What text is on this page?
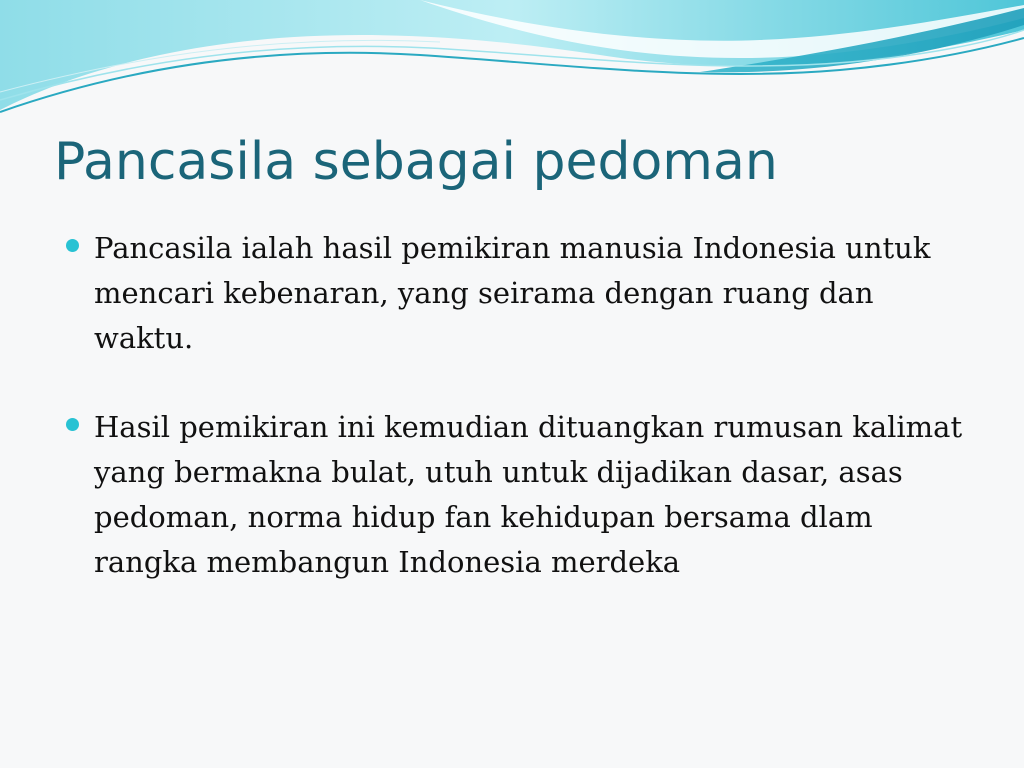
Pancasila sebagai pedoman
Pancasila ialah hasil pemikiran manusia Indonesia untuk mencari kebenaran, yang seirama dengan ruang dan waktu.
Hasil pemikiran ini kemudian dituangkan rumusan kalimat yang bermakna bulat, utuh untuk dijadikan dasar, asas pedoman, norma hidup fan kehidupan bersama dlam rangka membangun Indonesia merdeka
